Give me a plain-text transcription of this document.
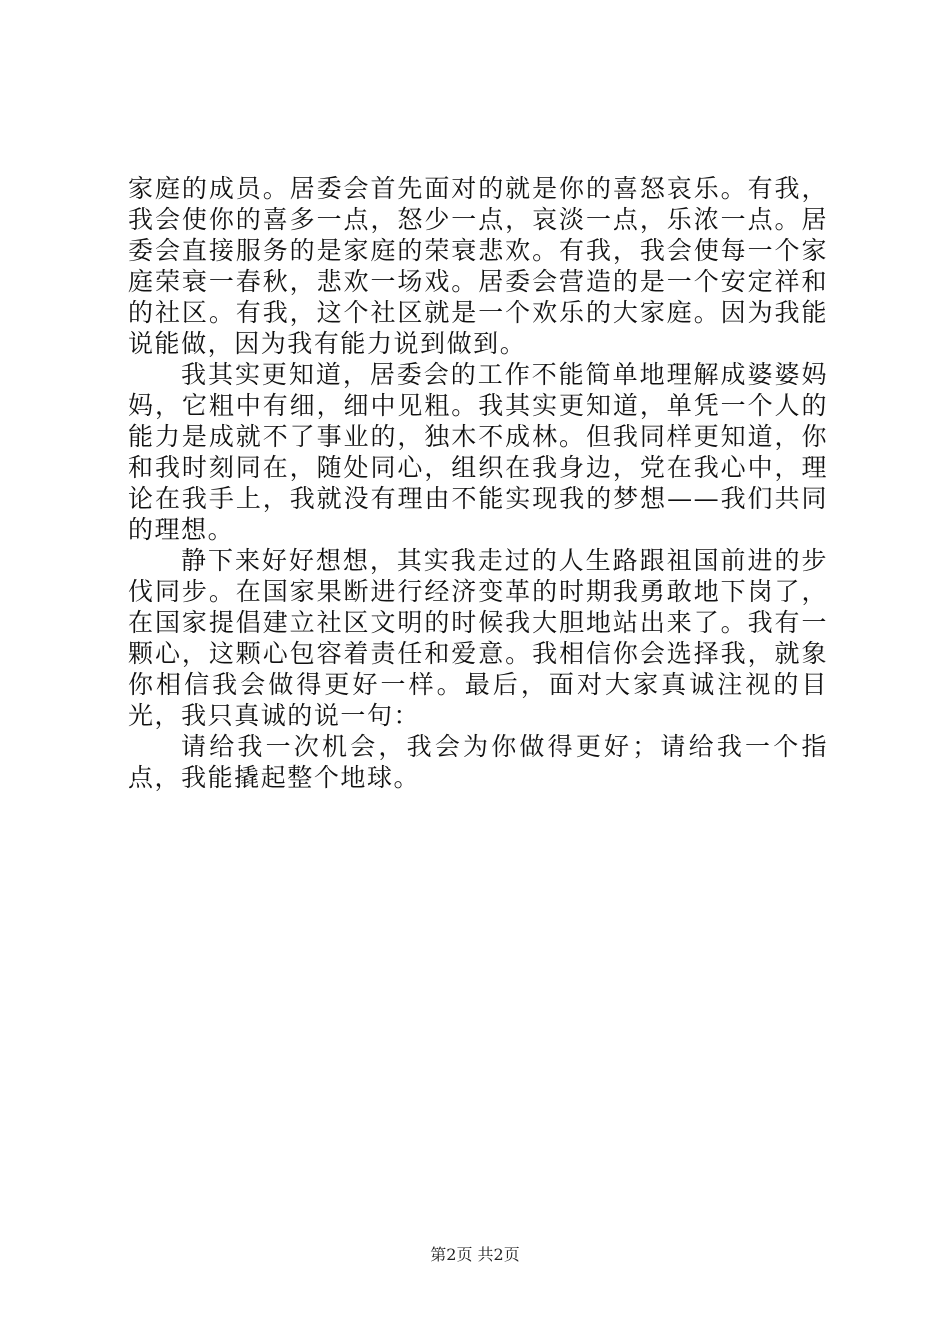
家庭的成员。居委会首先面对的就是你的喜怒哀乐。有我，我会使你的喜多一点，怒少一点，哀淡一点，乐浓一点。居委会直接服务的是家庭的荣衰悲欢。有我，我会使每一个家庭荣衰一春秋，悲欢一场戏。居委会营造的是一个安定祥和的社区。有我，这个社区就是一个欢乐的大家庭。因为我能说能做，因为我有能力说到做到。

我其实更知道，居委会的工作不能简单地理解成婆婆妈妈，它粗中有细，细中见粗。我其实更知道，单凭一个人的能力是成就不了事业的，独木不成林。但我同样更知道，你和我时刻同在，随处同心，组织在我身边，党在我心中，理论在我手上，我就没有理由不能实现我的梦想——我们共同的理想。

静下来好好想想，其实我走过的人生路跟祖国前进的步伐同步。在国家果断进行经济变革的时期我勇敢地下岗了，在国家提倡建立社区文明的时候我大胆地站出来了。我有一颗心，这颗心包容着责任和爱意。我相信你会选择我，就象你相信我会做得更好一样。最后，面对大家真诚注视的目光，我只真诚的说一句：

请给我一次机会，我会为你做得更好；请给我一个指点，我能撬起整个地球。

第2页 共2页
